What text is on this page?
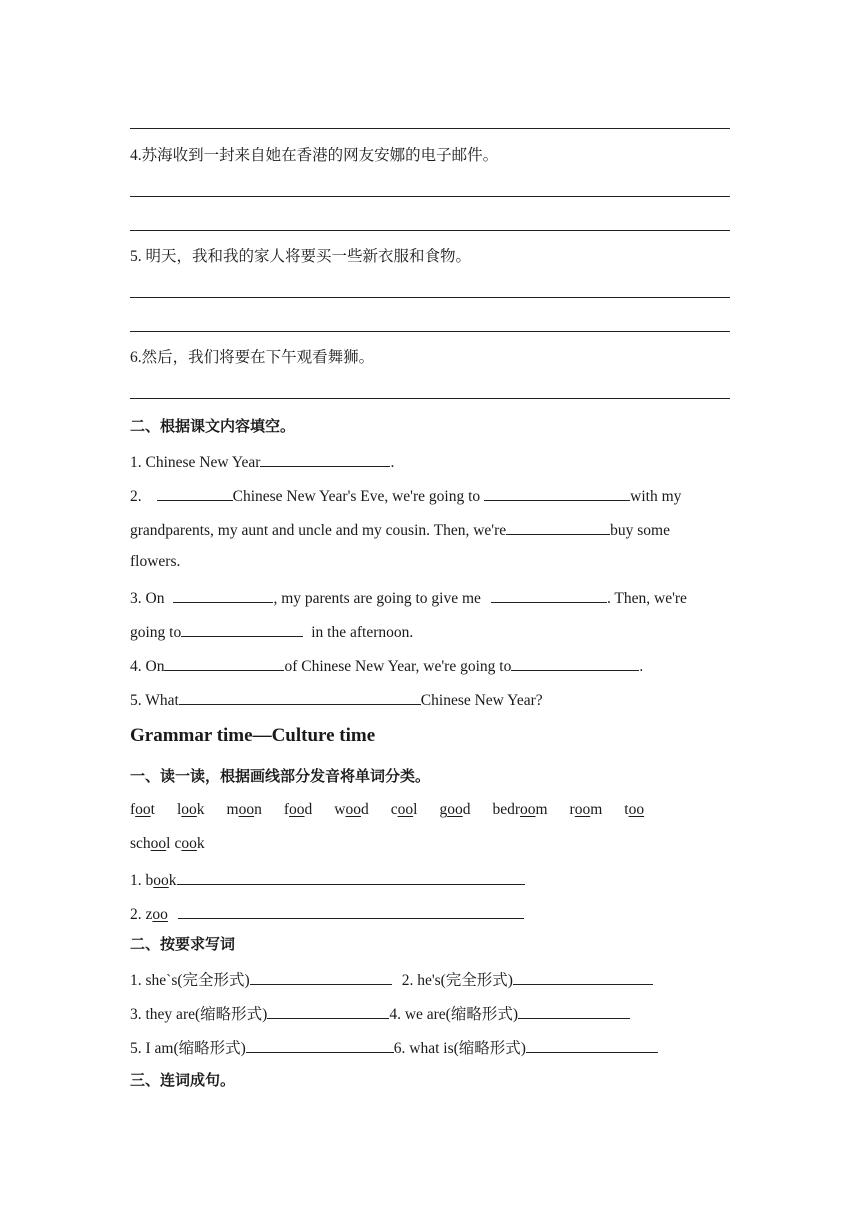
4.苏海收到一封来自她在香港的网友安娜的电子邮件。
5. 明天，我和我的家人将要买一些新衣服和食物。
6.然后，我们将要在下午观看舞狮。
二、根据课文内容填空。
1. Chinese New Year	.
2.	Chinese New Year's Eve, we're going to	with my
grandparents, my aunt and uncle and my cousin. Then, we're	buy some
flowers.
3. On	, my parents are going to give me	. Then, we're
going to	in the afternoon.
4. On	of Chinese New Year, we're going to	.
5. What	Chinese New Year?
Grammar time—Culture time
一、读一读，根据画线部分发音将单词分类。
foot look moon food wood cool good bedroom room too
school cook
1. book
2. zoo
二、按要求写词
1. she`s(完全形式)	2. he's(完全形式)
3. they are(缩略形式)	4. we are(缩略形式)
5. I am(缩略形式)	6. what is(缩略形式)
三、连词成句。
